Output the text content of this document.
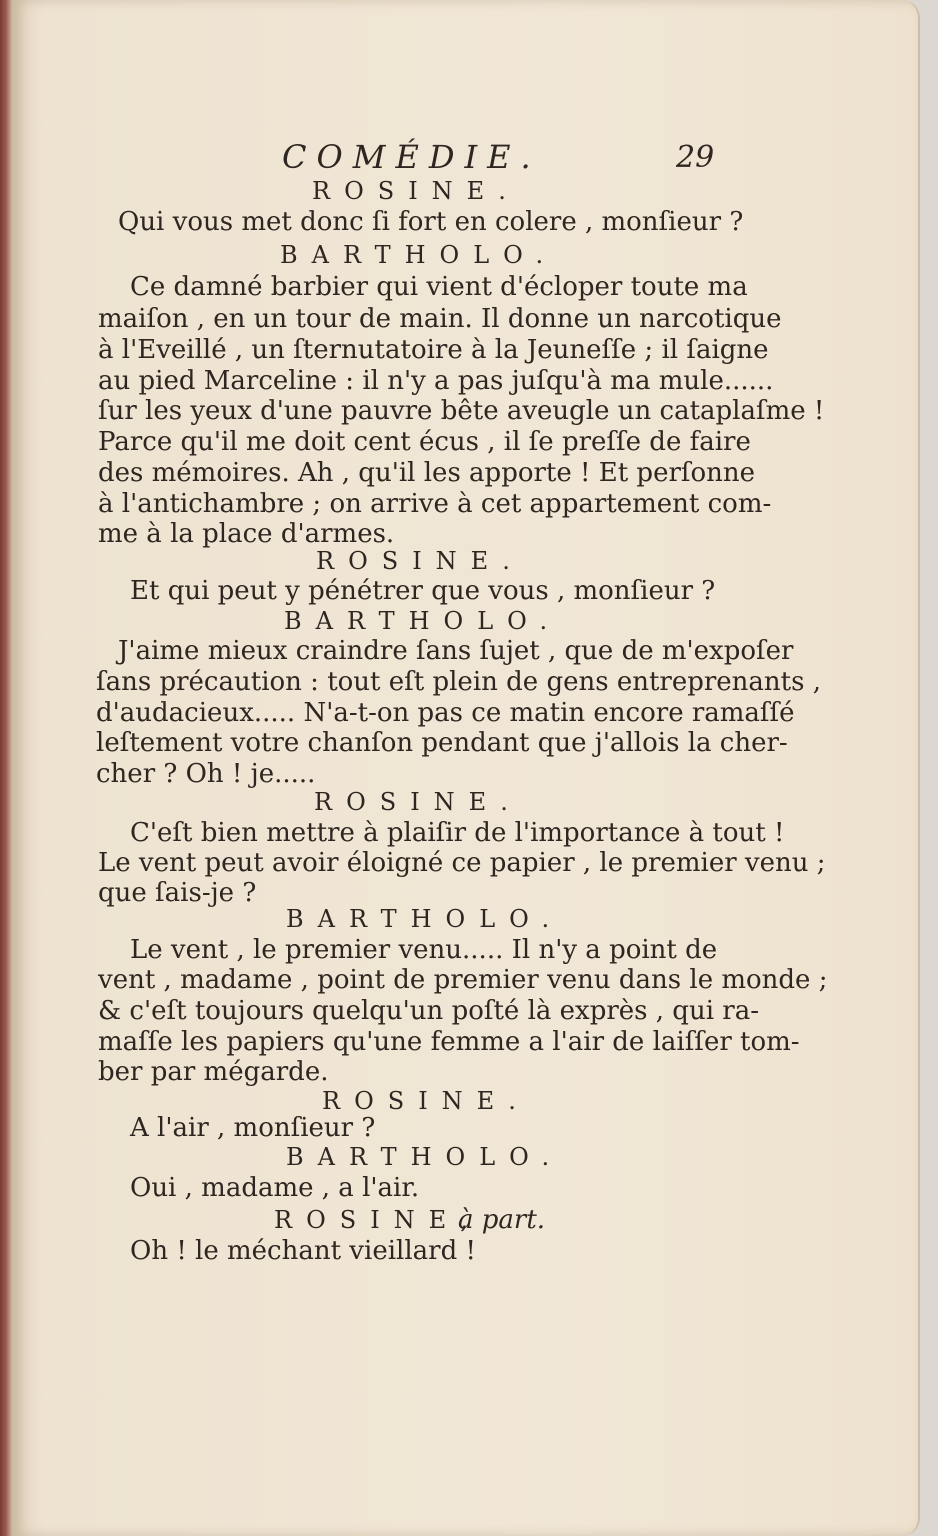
COMÉDIE.	29
ROSINE.
Qui vous met donc ſi fort en colere , monſieur ?
BARTHOLO.
Ce damné barbier qui vient d'écloper toute ma
maiſon , en un tour de main. Il donne un narcotique
à l'Eveillé , un ſternutatoire à la Jeuneſſe ; il ſaigne
au pied Marceline : il n'y a pas juſqu'à ma mule......
ſur les yeux d'une pauvre bête aveugle un cataplaſme !
Parce qu'il me doit cent écus , il ſe preſſe de faire
des mémoires. Ah , qu'il les apporte ! Et perſonne
à l'antichambre ; on arrive à cet appartement com-
me à la place d'armes.
ROSINE.
Et qui peut y pénétrer que vous , monſieur ?
BARTHOLO.
J'aime mieux craindre ſans ſujet , que de m'expoſer
ſans précaution : tout eſt plein de gens entreprenants ,
d'audacieux..... N'a-t-on pas ce matin encore ramaſſé
leſtement votre chanſon pendant que j'allois la cher-
cher ? Oh ! je.....
ROSINE.
C'eſt bien mettre à plaiſir de l'importance à tout !
Le vent peut avoir éloigné ce papier , le premier venu ;
que ſais-je ?
BARTHOLO.
Le vent , le premier venu..... Il n'y a point de
vent , madame , point de premier venu dans le monde ;
& c'eſt toujours quelqu'un poſté là exprès , qui ra-
maſſe les papiers qu'une femme a l'air de laiſſer tom-
ber par mégarde.
ROSINE.
A l'air , monſieur ?
BARTHOLO.
Oui , madame , a l'air.
ROSINE,
à part.
Oh ! le méchant vieillard !
